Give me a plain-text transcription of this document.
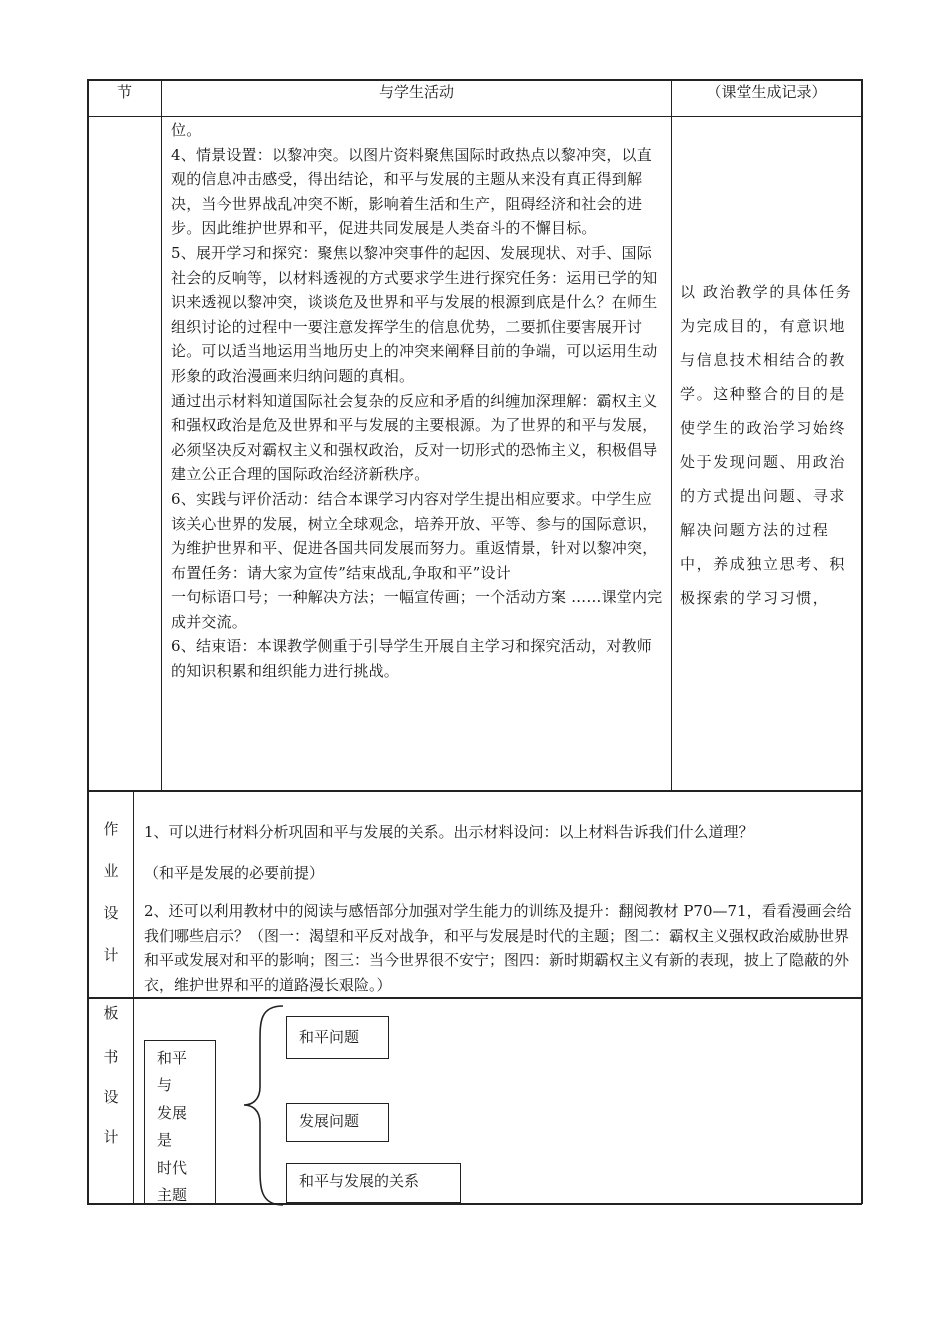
节	与学生活动	（课堂生成记录）

位。

4、情景设置：以黎冲突。以图片资料聚焦国际时政热点以黎冲突，以直观的信息冲击感受，得出结论，和平与发展的主题从来没有真正得到解决，当今世界战乱冲突不断，影响着生活和生产，阻碍经济和社会的进步。因此维护世界和平，促进共同发展是人类奋斗的不懈目标。

5、展开学习和探究：聚焦以黎冲突事件的起因、发展现状、对手、国际社会的反响等，以材料透视的方式要求学生进行探究任务：运用已学的知识来透视以黎冲突，谈谈危及世界和平与发展的根源到底是什么？在师生组织讨论的过程中一要注意发挥学生的信息优势，二要抓住要害展开讨论。可以适当地运用当地历史上的冲突来阐释目前的争端，可以运用生动形象的政治漫画来归纳问题的真相。

通过出示材料知道国际社会复杂的反应和矛盾的纠缠加深理解：霸权主义和强权政治是危及世界和平与发展的主要根源。为了世界的和平与发展，必须坚决反对霸权主义和强权政治，反对一切形式的恐怖主义，积极倡导建立公正合理的国际政治经济新秩序。

6、实践与评价活动：结合本课学习内容对学生提出相应要求。中学生应该关心世界的发展，树立全球观念，培养开放、平等、参与的国际意识，为维护世界和平、促进各国共同发展而努力。重返情景，针对以黎冲突，布置任务：请大家为宣传”结束战乱,争取和平”设计

一句标语口号；一种解决方法；一幅宣传画；一个活动方案 ……课堂内完成并交流。

6、结束语：本课教学侧重于引导学生开展自主学习和探究活动，对教师的知识积累和组织能力进行挑战。

以 政治教学的具体任务为完成目的，有意识地与信息技术相结合的教学。这种整合的目的是使学生的政治学习始终处于发现问题、用政治的方式提出问题、寻求解决问题方法的过程中，养成独立思考、积极探索的学习习惯，

作
业
设
计

1、可以进行材料分析巩固和平与发展的关系。出示材料设问：以上材料告诉我们什么道理？

（和平是发展的必要前提）

2、还可以利用教材中的阅读与感悟部分加强对学生能力的训练及提升：翻阅教材 P70—71，看看漫画会给我们哪些启示？（图一：渴望和平反对战争，和平与发展是时代的主题；图二：霸权主义强权政治威胁世界和平或发展对和平的影响；图三：当今世界很不安宁；图四：新时期霸权主义有新的表现，披上了隐蔽的外衣，维护世界和平的道路漫长艰险。）

板
书
设
计
和平
与
发展
是
时代
主题
和平问题
发展问题
和平与发展的关系
